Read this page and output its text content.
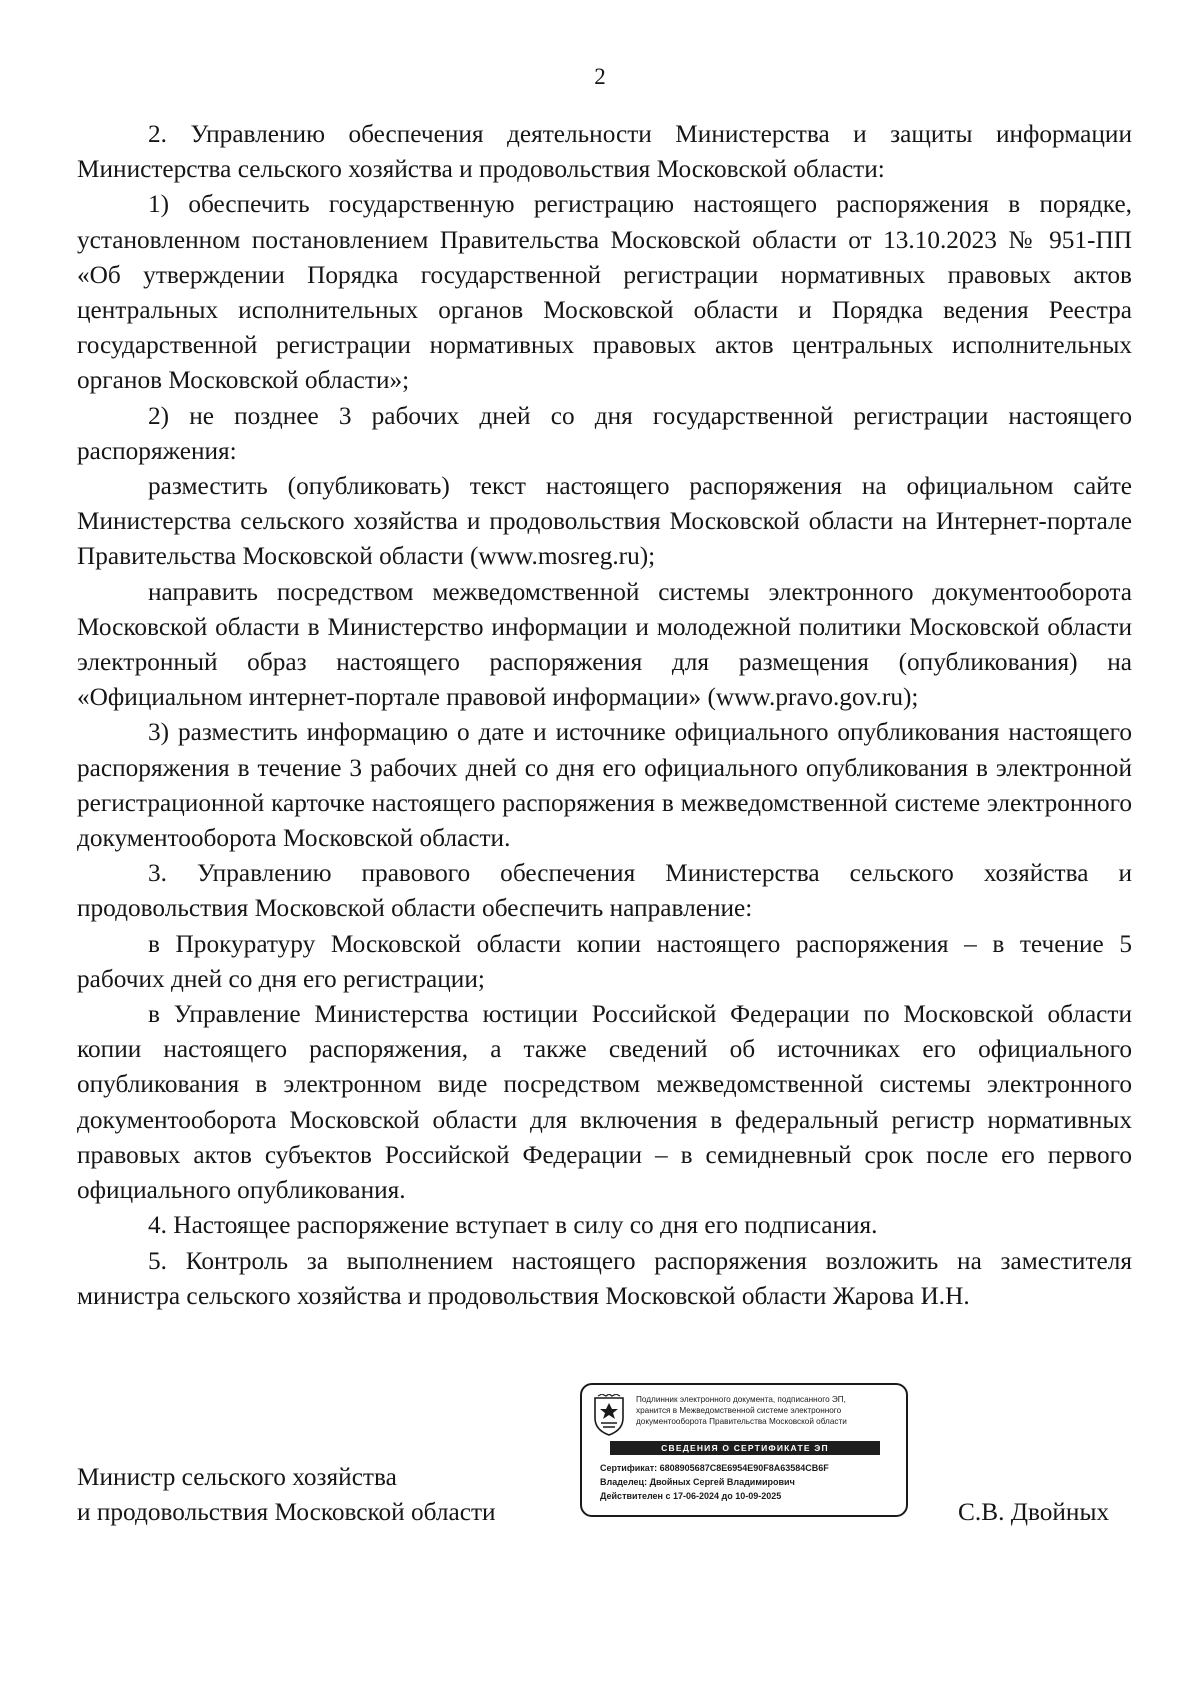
2

2. Управлению обеспечения деятельности Министерства и защиты информации Министерства сельского хозяйства и продовольствия Московской области:

1) обеспечить государственную регистрацию настоящего распоряжения в порядке, установленном постановлением Правительства Московской области от 13.10.2023 № 951-ПП «Об утверждении Порядка государственной регистрации нормативных правовых актов центральных исполнительных органов Московской области и Порядка ведения Реестра государственной регистрации нормативных правовых актов центральных исполнительных органов Московской области»;

2) не позднее 3 рабочих дней со дня государственной регистрации настоящего распоряжения:

разместить (опубликовать) текст настоящего распоряжения на официальном сайте Министерства сельского хозяйства и продовольствия Московской области на Интернет-портале Правительства Московской области (www.mosreg.ru);

направить посредством межведомственной системы электронного документооборота Московской области в Министерство информации и молодежной политики Московской области электронный образ настоящего распоряжения для размещения (опубликования) на «Официальном интернет-портале правовой информации» (www.pravo.gov.ru);

3) разместить информацию о дате и источнике официального опубликования настоящего распоряжения в течение 3 рабочих дней со дня его официального опубликования в электронной регистрационной карточке настоящего распоряжения в межведомственной системе электронного документооборота Московской области.

3. Управлению правового обеспечения Министерства сельского хозяйства и продовольствия Московской области обеспечить направление:

в Прокуратуру Московской области копии настоящего распоряжения – в течение 5 рабочих дней со дня его регистрации;

в Управление Министерства юстиции Российской Федерации по Московской области копии настоящего распоряжения, а также сведений об источниках его официального опубликования в электронном виде посредством межведомственной системы электронного документооборота Московской области для включения в федеральный регистр нормативных правовых актов субъектов Российской Федерации – в семидневный срок после его первого официального опубликования.

4. Настоящее распоряжение вступает в силу со дня его подписания.

5. Контроль за выполнением настоящего распоряжения возложить на заместителя министра сельского хозяйства и продовольствия Московской области Жарова И.Н.

Министр сельского хозяйства
и продовольствия Московской области
Подлинник электронного документа, подписанного ЭП,
хранится в Межведомственной системе электронного
документооборота Правительства Московской области
СВЕДЕНИЯ О СЕРТИФИКАТЕ ЭП
Сертификат: 6808905687C8E6954E90F8A63584CB6F
Владелец: Двойных Сергей Владимирович
Действителен с 17-06-2024 до 10-09-2025
С.В. Двойных
